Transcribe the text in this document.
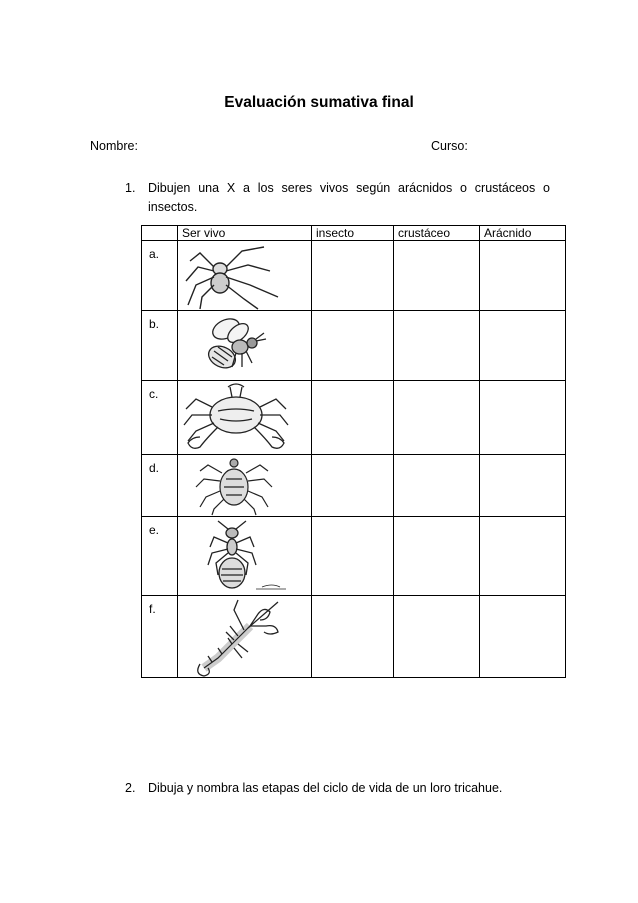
Evaluación sumativa final
Nombre:	Curso:
1. Dibujen una X a los seres vivos según arácnidos o crustáceos o insectos.
	Ser vivo	insecto	crustáceo	Arácnido

a.

b.

c.

d.

e.

f.

2. Dibuja y nombra las etapas del ciclo de vida de un loro tricahue.
